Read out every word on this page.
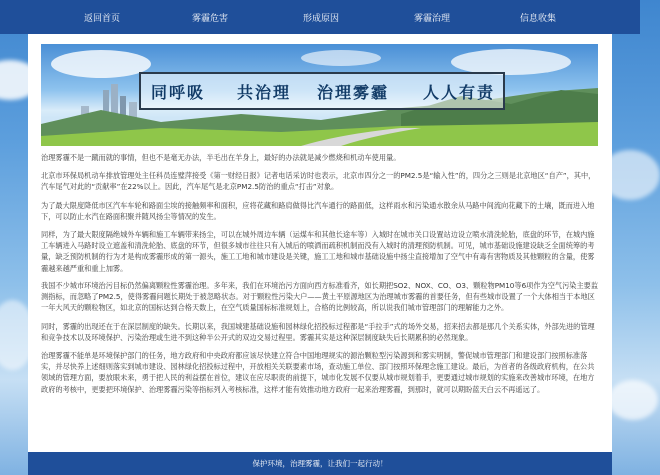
返回首页	雾霾危害	形成原因	雾霾治理	信息收集
同呼吸 共治理 治理雾霾 人人有责

治理雾霾不是一蹴而就的事情，但也不是毫无办法，半毛出在羊身上，最好的办法就是减少燃烧和机动车使用量。

北京市环保局机动车排放管理处主任科员连璧萍接受《第一财经日报》记者电话采访时也表示，北京市四分之一的PM2.5是“输入性”的，四分之三则是北京地区“自产”，其中，汽车尾气对此的“贡献率”在22%以上。因此，汽车尾气是北京PM2.5防治的重点“打击”对象。

为了最大限度降低市区汽车车轮和路面尘埃的接触频率和面积，应将花藏和路肩做得比汽车通行的路面低，这样雨水和污染通水散余从马路中间流向花藏下的土壤，既而进入地下，可以防止水汽在路面积聚并随风扬尘等情况的发生。

同样，为了最大限度隔绝城外车辆和施工车辆带来扬尘，可以在城外周边车辆（运煤车和其他长途车等）入城时在城市关口设置站边设立喷水清洗轮胎，底盘的环节，在城内施工车辆进入马路时设立遮盖和清洗轮胎、底盘的环节，但很多城市往往只有入城后的喷洒而疏积机制而没有入城时的清理预防机制。可见，城市基础设施建设缺乏全面统筹的考量，缺乏预防机制的行为才是构成雾霾形成的第一源头，施工工地和城市建设是关键，施工工地和城市基础设施中扬尘直接增加了空气中有毒有害物质及其他颗粒的含量，使雾霾越来越严重和重上加雾。

我国不少城市环境治污目标仍然偏离颗粒性雾霾治理。多年来，我们在环境治污方面向西方标准看齐，如长期把SO2、NOX、CO、O3、颗粒物PM10等6项作为空气污染主要监测指标，而忽略了PM2.5，使得雾霾问题长期处于被忽略状态。对于颗粒性污染大户——黄土平原源地区为治理城市雾霾的首要任务，但有些城市设置了一个大体相当于本地区一年大风天的颗粒物区，如北京的国标达到合格天数上，在空气质量国标标准规划上，合格的比例较高，所以说我们城市管理部门的理解能力之外。

同时，雾霾的出现还在于在深层制度的缺失。长期以来，我国城建基础设施和园林绿化招投标过程都是“手拉手”式的场外交易，招来招去都是那几个关系实体，外部先进的管理和竞争技术以及环境保护、污染治理或生进不到这种半公开式的双边交易过程里。雾霾其实是这种深层制度缺失后长期累积的必然现象。

治理雾霾不能单是环境保护部门的任务，地方政府和中央政府都应该尽快建立符合中国地理规实的源治颗粒型污染源到和雾实明制，警促城市管理部门和建设部门按照标准落实，并尽快养上述细则落实到城市建设、园林绿化招投标过程中，开放相关关联要素市场，查动施工单位、部门按照环保理念施工建设。最后，为首者的各级政府机构，在公共领域的管理方面，要放眼未来，勇于把人民的利益摆在首位，建议在应尽职责的前提下，城市化发展不仅要从城市规划着手，更要通过城市规划的实施来改善城市环境，在地方政府的考核中，更要把环境保护、治理雾霾污染等指标列入考核标准，这样才能有效推动地方政府一起来治理雾霾，到那时，就可以期盼蓝天白云不再遥远了。

保护环境，治理雾霾，让我们一起行动！
